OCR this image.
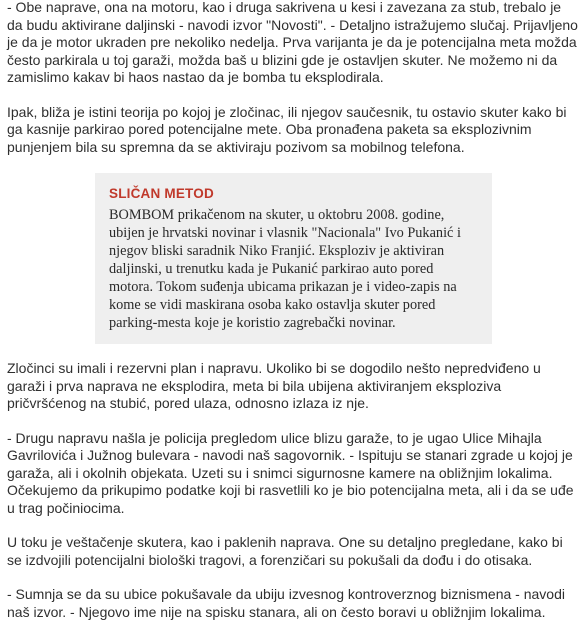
- Obe naprave, ona na motoru, kao i druga sakrivena u kesi i zavezana za stub, trebalo je da budu aktivirane daljinski - navodi izvor "Novosti". - Detaljno istražujemo slučaj. Prijavljeno je da je motor ukraden pre nekoliko nedelja. Prva varijanta je da je potencijalna meta možda često parkirala u toj garaži, možda baš u blizini gde je ostavljen skuter. Ne možemo ni da zamislimo kakav bi haos nastao da je bomba tu eksplodirala.

Ipak, bliža je istini teorija po kojoj je zločinac, ili njegov saučesnik, tu ostavio skuter kako bi ga kasnije parkirao pored potencijalne mete. Oba pronađena paketa sa eksplozivnim punjenjem bila su spremna da se aktiviraju pozivom sa mobilnog telefona.

SLIČAN METOD

BOMBOM prikačenom na skuter, u oktobru 2008. godine, ubijen je hrvatski novinar i vlasnik "Nacionala" Ivo Pukanić i njegov bliski saradnik Niko Franjić. Eksploziv je aktiviran daljinski, u trenutku kada je Pukanić parkirao auto pored motora. Tokom suđenja ubicama prikazan je i video-zapis na kome se vidi maskirana osoba kako ostavlja skuter pored parking-mesta koje je koristio zagrebački novinar.

Zločinci su imali i rezervni plan i napravu. Ukoliko bi se dogodilo nešto nepredviđeno u garaži i prva naprava ne eksplodira, meta bi bila ubijena aktiviranjem eksploziva pričvršćenog na stubić, pored ulaza, odnosno izlaza iz nje.

- Drugu napravu našla je policija pregledom ulice blizu garaže, to je ugao Ulice Mihajla Gavrilovića i Južnog bulevara - navodi naš sagovornik. - Ispituju se stanari zgrade u kojoj je garaža, ali i okolnih objekata. Uzeti su i snimci sigurnosne kamere na obližnjim lokalima. Očekujemo da prikupimo podatke koji bi rasvetlili ko je bio potencijalna meta, ali i da se uđe u trag počiniocima.

U toku je veštačenje skutera, kao i paklenih naprava. One su detaljno pregledane, kako bi se izdvojili potencijalni biološki tragovi, a forenzičari su pokušali da dođu i do otisaka.

- Sumnja se da su ubice pokušavale da ubiju izvesnog kontroverznog biznismena - navodi naš izvor. - Njegovo ime nije na spisku stanara, ali on često boravi u obližnjim lokalima.
